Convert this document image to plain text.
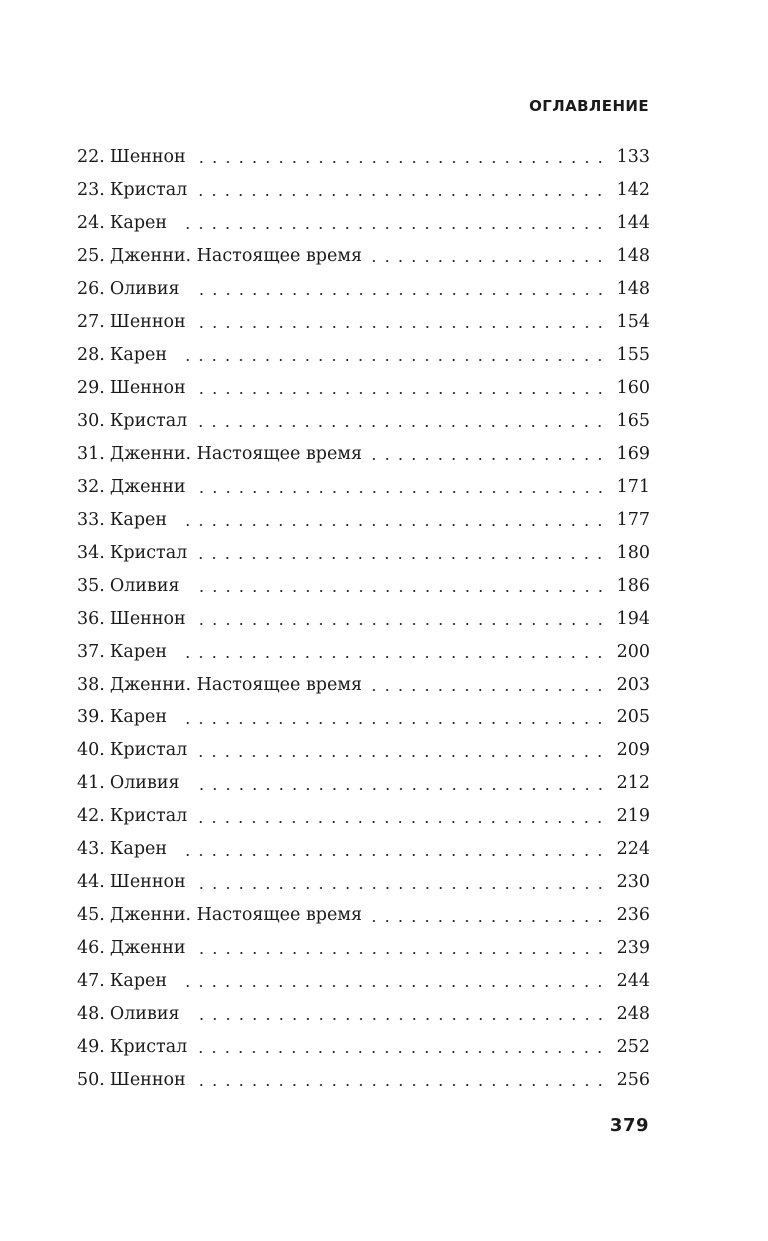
ОГЛАВЛЕНИЕ
22. Шеннон	133
23. Кристал	142
24. Карен	144
25. Дженни. Настоящее время	148
26. Оливия	148
27. Шеннон	154
28. Карен	155
29. Шеннон	160
30. Кристал	165
31. Дженни. Настоящее время	169
32. Дженни	171
33. Карен	177
34. Кристал	180
35. Оливия	186
36. Шеннон	194
37. Карен	200
38. Дженни. Настоящее время	203
39. Карен	205
40. Кристал	209
41. Оливия	212
42. Кристал	219
43. Карен	224
44. Шеннон	230
45. Дженни. Настоящее время	236
46. Дженни	239
47. Карен	244
48. Оливия	248
49. Кристал	252
50. Шеннон	256
379
